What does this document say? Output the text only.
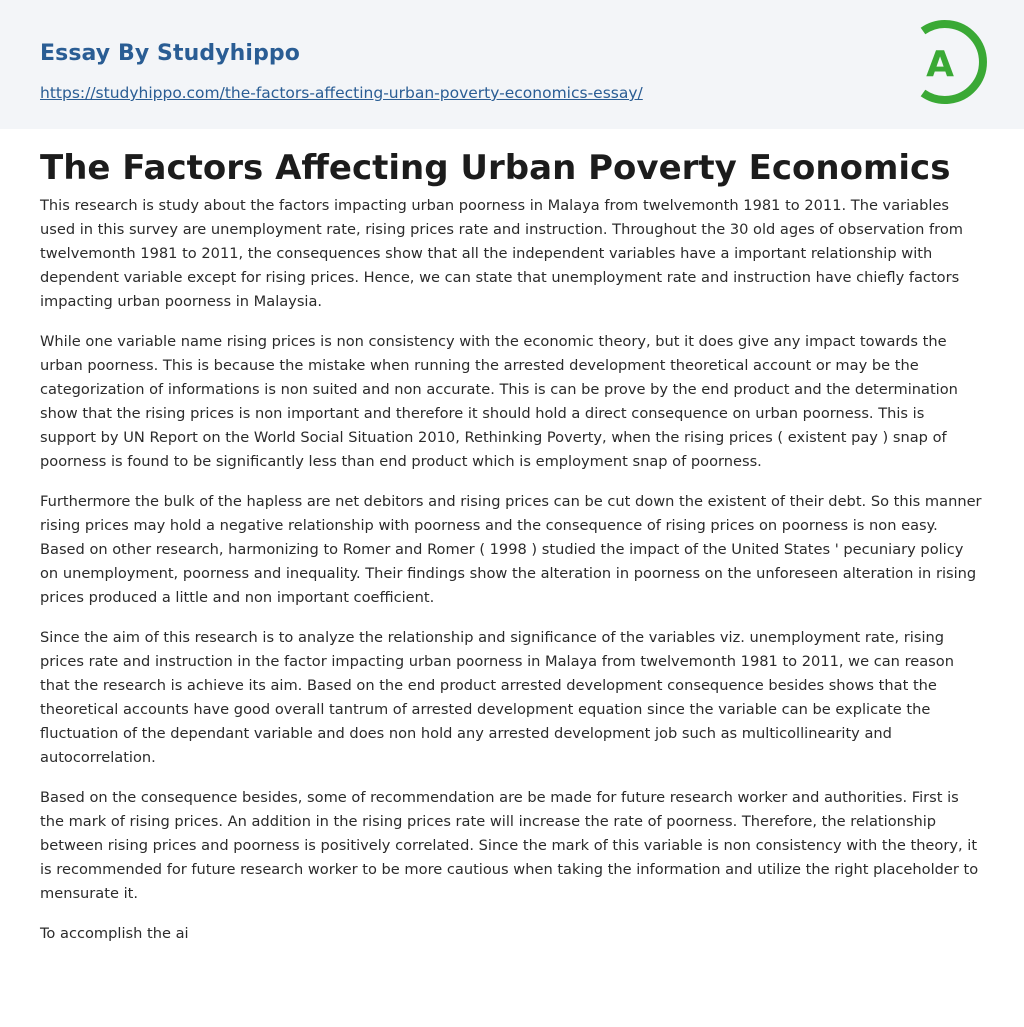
Essay By Studyhippo
https://studyhippo.com/the-factors-affecting-urban-poverty-economics-essay/
A
The Factors Affecting Urban Poverty Economics

This research is study about the factors impacting urban poorness in Malaya from twelvemonth 1981 to 2011. The variables used in this survey are unemployment rate, rising prices rate and instruction. Throughout the 30 old ages of observation from twelvemonth 1981 to 2011, the consequences show that all the independent variables have a important relationship with dependent variable except for rising prices. Hence, we can state that unemployment rate and instruction have chiefly factors impacting urban poorness in Malaysia.

While one variable name rising prices is non consistency with the economic theory, but it does give any impact towards the urban poorness. This is because the mistake when running the arrested development theoretical account or may be the categorization of informations is non suited and non accurate. This is can be prove by the end product and the determination show that the rising prices is non important and therefore it should hold a direct consequence on urban poorness. This is support by UN Report on the World Social Situation 2010, Rethinking Poverty, when the rising prices ( existent pay ) snap of poorness is found to be significantly less than end product which is employment snap of poorness.

Furthermore the bulk of the hapless are net debitors and rising prices can be cut down the existent of their debt. So this manner rising prices may hold a negative relationship with poorness and the consequence of rising prices on poorness is non easy. Based on other research, harmonizing to Romer and Romer ( 1998 ) studied the impact of the United States ' pecuniary policy on unemployment, poorness and inequality. Their findings show the alteration in poorness on the unforeseen alteration in rising prices produced a little and non important coefficient.

Since the aim of this research is to analyze the relationship and significance of the variables viz. unemployment rate, rising prices rate and instruction in the factor impacting urban poorness in Malaya from twelvemonth 1981 to 2011, we can reason that the research is achieve its aim. Based on the end product arrested development consequence besides shows that the theoretical accounts have good overall tantrum of arrested development equation since the variable can be explicate the fluctuation of the dependant variable and does non hold any arrested development job such as multicollinearity and autocorrelation.

Based on the consequence besides, some of recommendation are be made for future research worker and authorities. First is the mark of rising prices. An addition in the rising prices rate will increase the rate of poorness. Therefore, the relationship between rising prices and poorness is positively correlated. Since the mark of this variable is non consistency with the theory, it is recommended for future research worker to be more cautious when taking the information and utilize the right placeholder to mensurate it.

To accomplish the ai
